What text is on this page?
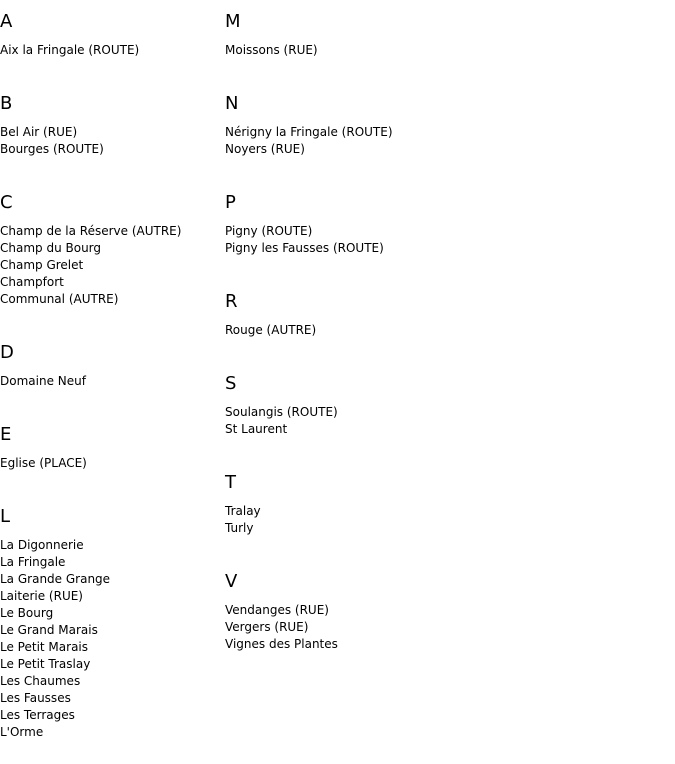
A
Aix la Fringale (ROUTE)
B
Bel Air (RUE)
Bourges (ROUTE)
C
Champ de la Réserve (AUTRE)
Champ du Bourg
Champ Grelet
Champfort
Communal (AUTRE)
D
Domaine Neuf
E
Eglise (PLACE)
L
La Digonnerie
La Fringale
La Grande Grange
Laiterie (RUE)
Le Bourg
Le Grand Marais
Le Petit Marais
Le Petit Traslay
Les Chaumes
Les Fausses
Les Terrages
L'Orme
M
Moissons (RUE)
N
Nérigny la Fringale (ROUTE)
Noyers (RUE)
P
Pigny (ROUTE)
Pigny les Fausses (ROUTE)
R
Rouge (AUTRE)
S
Soulangis (ROUTE)
St Laurent
T
Tralay
Turly
V
Vendanges (RUE)
Vergers (RUE)
Vignes des Plantes
